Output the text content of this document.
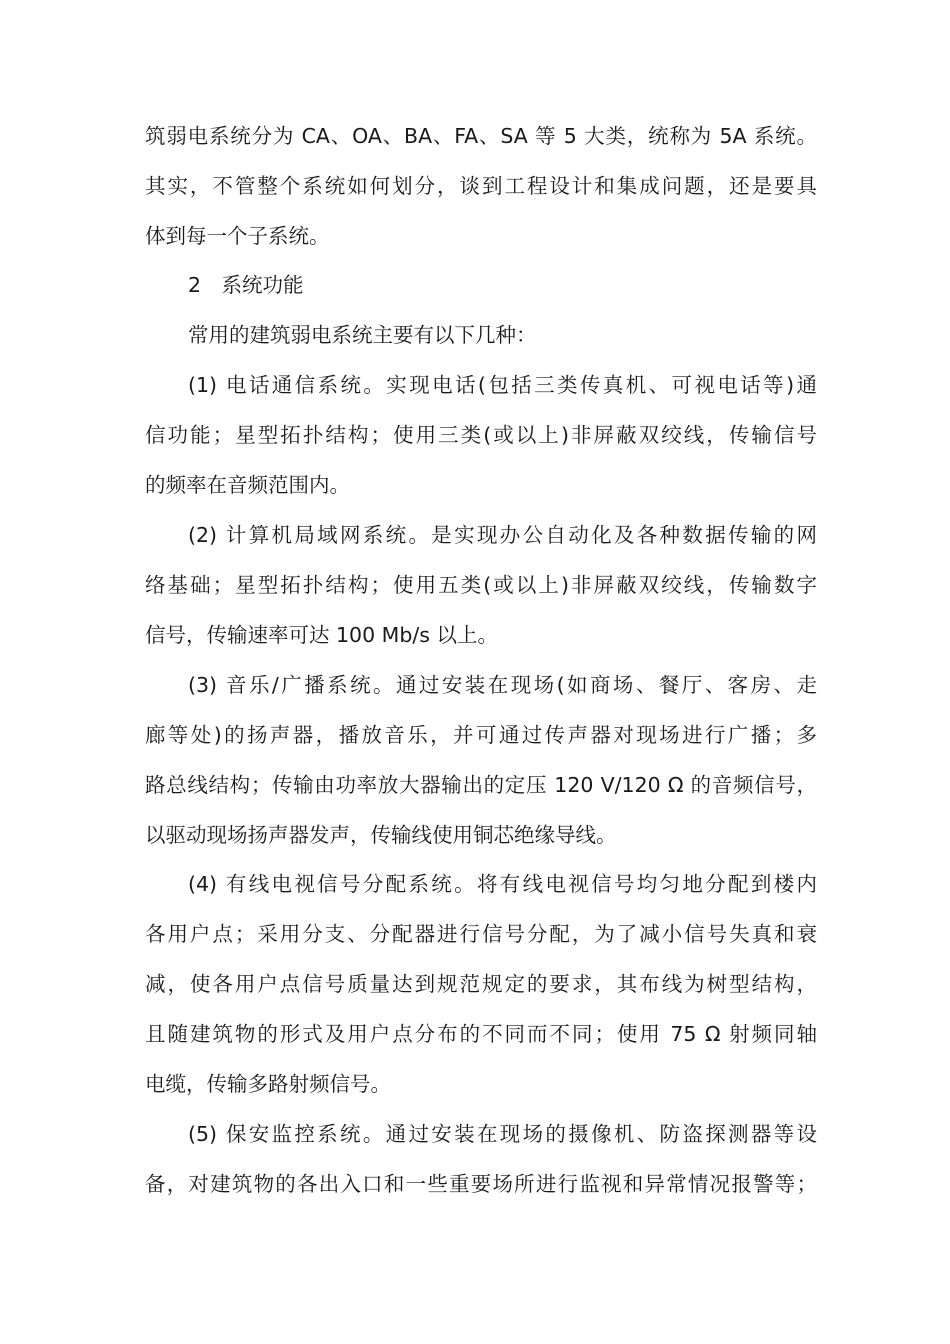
筑弱电系统分为 CA、OA、BA、FA、SA 等 5 大类，统称为 5A 系统。
其实，不管整个系统如何划分，谈到工程设计和集成问题，还是要具
体到每一个子系统。
2　系统功能
常用的建筑弱电系统主要有以下几种：
(1) 电话通信系统。实现电话(包括三类传真机、可视电话等)通
信功能；星型拓扑结构；使用三类(或以上)非屏蔽双绞线，传输信号
的频率在音频范围内。
(2) 计算机局域网系统。是实现办公自动化及各种数据传输的网
络基础；星型拓扑结构；使用五类(或以上)非屏蔽双绞线，传输数字
信号，传输速率可达 100 Mb/s 以上。
(3) 音乐/广播系统。通过安装在现场(如商场、餐厅、客房、走
廊等处)的扬声器，播放音乐，并可通过传声器对现场进行广播；多
路总线结构；传输由功率放大器输出的定压 120 V/120 Ω 的音频信号，
以驱动现场扬声器发声，传输线使用铜芯绝缘导线。
(4) 有线电视信号分配系统。将有线电视信号均匀地分配到楼内
各用户点；采用分支、分配器进行信号分配，为了减小信号失真和衰
减，使各用户点信号质量达到规范规定的要求，其布线为树型结构，
且随建筑物的形式及用户点分布的不同而不同；使用 75 Ω 射频同轴
电缆，传输多路射频信号。
(5) 保安监控系统。通过安装在现场的摄像机、防盗探测器等设
备，对建筑物的各出入口和一些重要场所进行监视和异常情况报警等；
